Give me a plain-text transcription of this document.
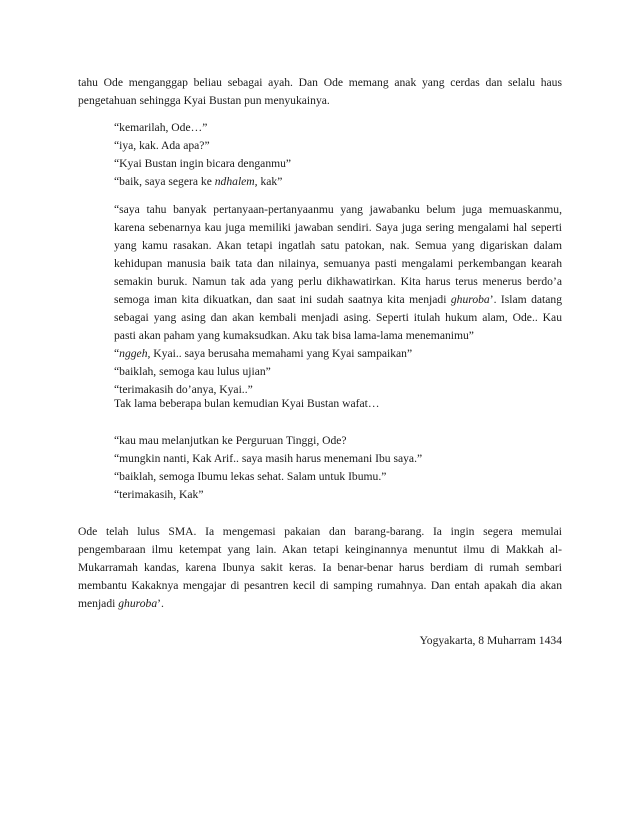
tahu Ode menganggap beliau sebagai ayah. Dan Ode memang anak yang cerdas dan selalu haus
pengetahuan sehingga Kyai Bustan pun menyukainya.
“kemarilah, Ode…”
“iya, kak. Ada apa?”
“Kyai Bustan ingin bicara denganmu”
“baik, saya segera ke ndhalem, kak”
“saya tahu banyak pertanyaan-pertanyaanmu yang jawabanku belum juga memuaskanmu,
karena sebenarnya kau juga memiliki jawaban sendiri. Saya juga sering mengalami hal seperti
yang kamu rasakan. Akan tetapi ingatlah satu patokan, nak. Semua yang digariskan dalam
kehidupan manusia baik tata dan nilainya, semuanya pasti mengalami perkembangan kearah
semakin buruk. Namun tak ada yang perlu dikhawatirkan. Kita harus terus menerus berdo’a
semoga iman kita dikuatkan, dan saat ini sudah saatnya kita menjadi ghuroba’. Islam datang
sebagai yang asing dan akan kembali menjadi asing. Seperti itulah hukum alam, Ode.. Kau
pasti akan paham yang kumaksudkan. Aku tak bisa lama-lama menemanimu”
“nggeh, Kyai.. saya berusaha memahami yang Kyai sampaikan”
“baiklah, semoga kau lulus ujian”
“terimakasih do’anya, Kyai..”
Tak lama beberapa bulan kemudian Kyai Bustan wafat…
“kau mau melanjutkan ke Perguruan Tinggi, Ode?
“mungkin nanti, Kak Arif.. saya masih harus menemani Ibu saya.”
“baiklah, semoga Ibumu lekas sehat. Salam untuk Ibumu.”
“terimakasih, Kak”
Ode telah lulus SMA. Ia mengemasi pakaian dan barang-barang. Ia ingin segera memulai
pengembaraan ilmu ketempat yang lain. Akan tetapi keinginannya menuntut ilmu di Makkah al-
Mukarramah kandas, karena Ibunya sakit keras. Ia benar-benar harus berdiam di rumah sembari
membantu Kakaknya mengajar di pesantren kecil di samping rumahnya. Dan entah apakah dia akan
menjadi ghuroba’.
Yogyakarta, 8 Muharram 1434
